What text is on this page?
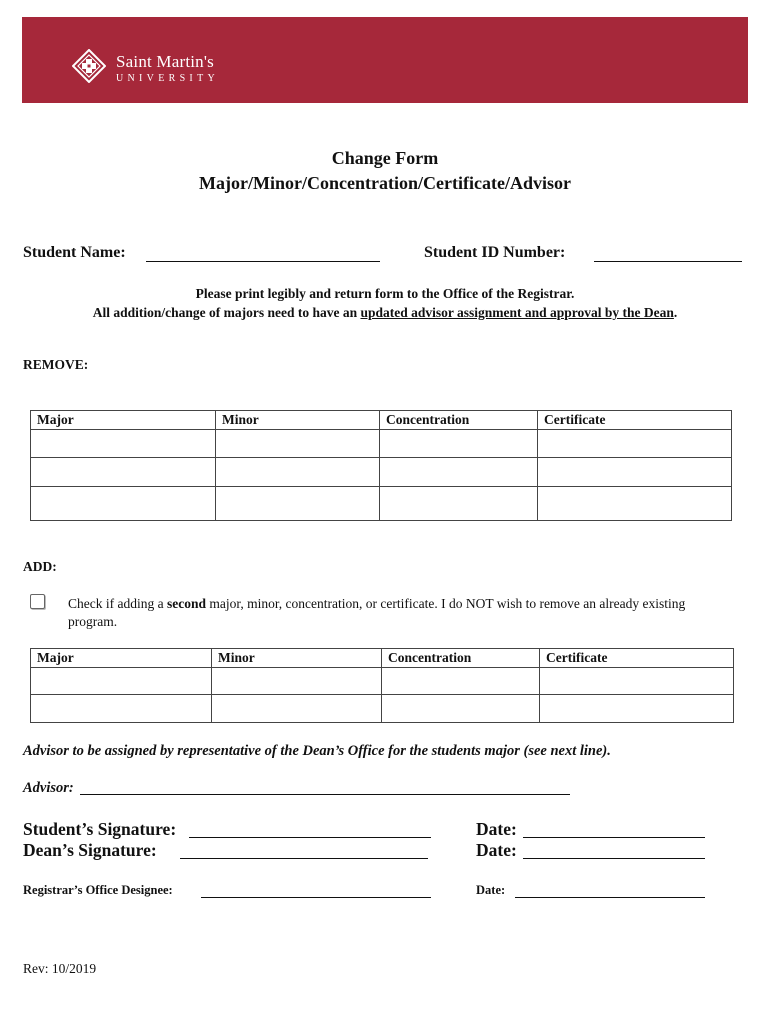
Saint Martin's
UNIVERSITY
Change Form
Major/Minor/Concentration/Certificate/Advisor
Student Name:	Student ID Number:
Please print legibly and return form to the Office of the Registrar.
All addition/change of majors need to have an updated advisor assignment and approval by the Dean.
REMOVE:
Major	Minor	Concentration	Certificate

ADD:
Check if adding a second major, minor, concentration, or certificate. I do NOT wish to remove an already existing program.
Major	Minor	Concentration	Certificate

Advisor to be assigned by representative of the Dean’s Office for the students major (see next line).
Advisor:
Student’s Signature:	Date:
Dean’s Signature:	Date:
Registrar’s Office Designee:	Date:
Rev: 10/2019
